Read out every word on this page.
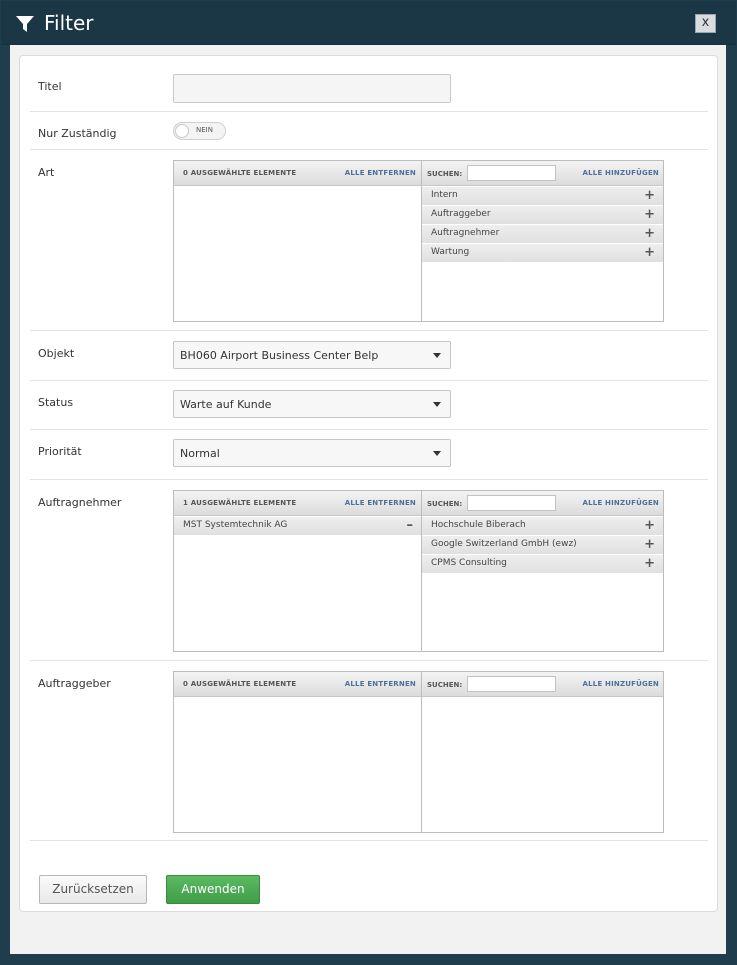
Filter	x
Titel
Nur Zuständig	NEIN
Art	0 AUSGEWÄHLTE ELEMENTE	ALLE ENTFERNEN SUCHEN:	ALLE HINZUFÜGEN
Intern	+
Auftraggeber	+
Auftragnehmer	+
Wartung	+
Objekt	BH060 Airport Business Center Belp
Status	Warte auf Kunde
Priorität	Normal
Auftragnehmer	1 AUSGEWÄHLTE ELEMENTE	ALLE ENTFERNEN
MST Systemtechnik AG	–
SUCHEN:	ALLE HINZUFÜGEN
Hochschule Biberach	+
Google Switzerland GmbH (ewz)	+
CPMS Consulting	+
Auftraggeber	0 AUSGEWÄHLTE ELEMENTE	ALLE ENTFERNEN SUCHEN:	ALLE HINZUFÜGEN
Zurücksetzen	Anwenden
